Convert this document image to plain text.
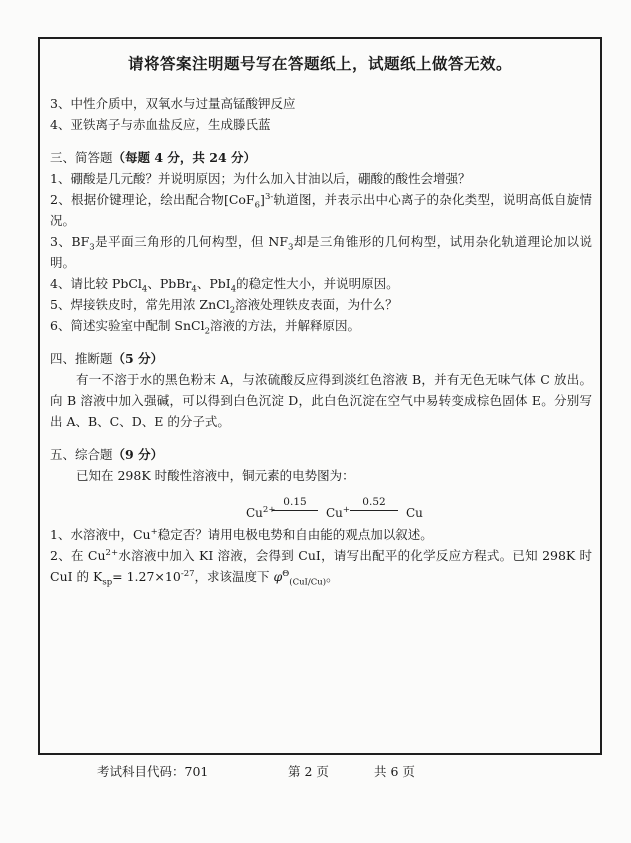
请将答案注明题号写在答题纸上，试题纸上做答无效。
3、中性介质中，双氧水与过量高锰酸钾反应
4、亚铁离子与赤血盐反应，生成滕氏蓝
三、简答题（每题 4 分，共 24 分）
1、硼酸是几元酸？并说明原因；为什么加入甘油以后，硼酸的酸性会增强？
2、根据价键理论，绘出配合物$[CoF_6]^{3-}$轨道图，并表示出中心离子的杂化类型，说明高低自旋情况。
3、$BF_3$是平面三角形的几何构型，但 $NF_3$却是三角锥形的几何构型，试用杂化轨道理论加以说明。
4、请比较 PbCl$_4$、PbBr$_4$、PbI$_4$的稳定性大小，并说明原因。
5、焊接铁皮时，常先用浓 ZnCl$_2$溶液处理铁皮表面，为什么？
6、简述实验室中配制 SnCl$_2$溶液的方法，并解释原因。
四、推断题（5 分）
有一不溶于水的黑色粉末 A，与浓硫酸反应得到淡红色溶液 B，并有无色无味气体 C 放出。向 B 溶液中加入强碱，可以得到白色沉淀 D，此白色沉淀在空气中易转变成棕色固体 E。分别写出 A、B、C、D、E 的分子式。
五、综合题（9 分）
已知在 298K 时酸性溶液中，铜元素的电势图为：
$Cu^{2+}$
0.15
Cu+
0.52
Cu
1、水溶液中，Cu+稳定否？请用电极电势和自由能的观点加以叙述。
2、在 $Cu^{2+}$水溶液中加入 KI 溶液，会得到 CuI，请写出配平的化学反应方程式。已知 298K 时 CuI 的 $K_{sp}= 1.27\times 10^{-27}$，求该温度下 $\varphi^\Theta_{(CuI/Cu)}$。
考试科目代码：701	第 2 页	共 6 页
